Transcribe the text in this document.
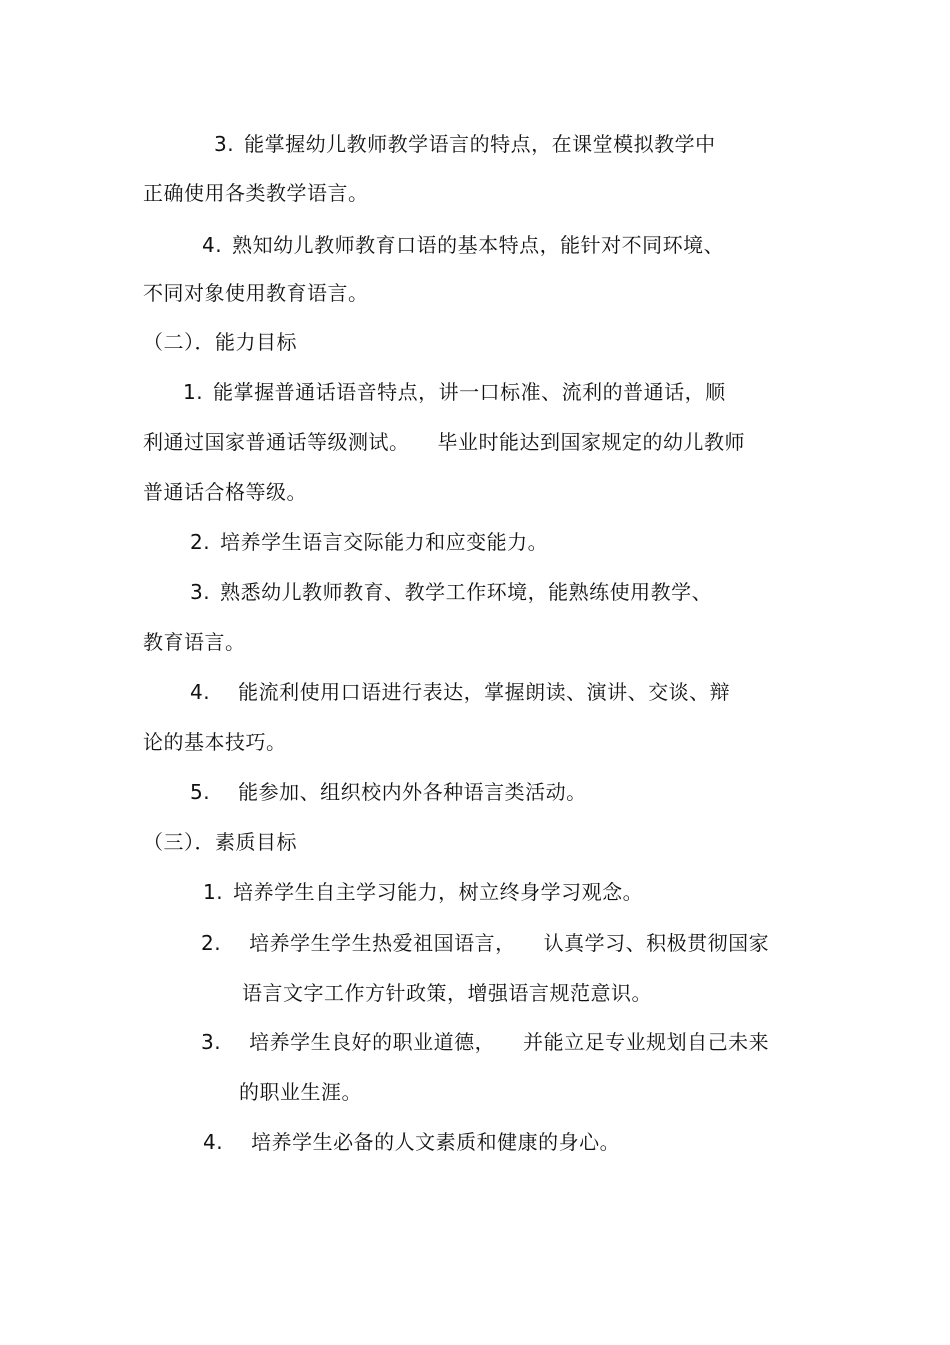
3. 能掌握幼儿教师教学语言的特点，在课堂模拟教学中
正确使用各类教学语言。
4. 熟知幼儿教师教育口语的基本特点，能针对不同环境、
不同对象使用教育语言。
（二）．能力目标
1. 能掌握普通话语音特点，讲一口标准、流利的普通话，顺
利通过国家普通话等级测试。 毕业时能达到国家规定的幼儿教师
普通话合格等级。
2. 培养学生语言交际能力和应变能力。
3. 熟悉幼儿教师教育、教学工作环境，能熟练使用教学、
教育语言。
4. 能流利使用口语进行表达，掌握朗读、演讲、交谈、辩
论的基本技巧。
5. 能参加、组织校内外各种语言类活动。
（三）．素质目标
1. 培养学生自主学习能力，树立终身学习观念。
2. 培养学生学生热爱祖国语言， 认真学习、积极贯彻国家
语言文字工作方针政策，增强语言规范意识。
3. 培养学生良好的职业道德， 并能立足专业规划自己未来
的职业生涯。
4. 培养学生必备的人文素质和健康的身心。
